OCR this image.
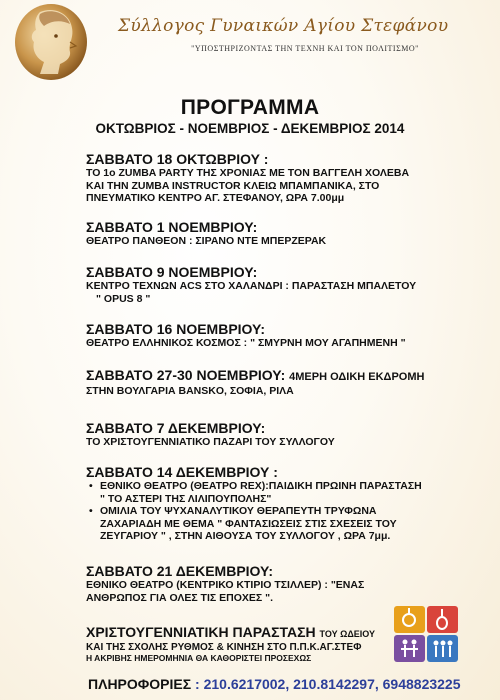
Σύλλογος Γυναικών Αγίου Στεφάνου
"ΥΠΟΣΤΗΡΙΖΟΝΤΑΣ ΤΗΝ ΤΕΧΝΗ ΚΑΙ ΤΟΝ ΠΟΛΙΤΙΣΜΟ"
ΠΡΟΓΡΑΜΜΑ
ΟΚΤΩΒΡΙΟΣ - ΝΟΕΜΒΡΙΟΣ - ΔΕΚΕΜΒΡΙΟΣ 2014
ΣΑΒΒΑΤΟ 18 ΟΚΤΩΒΡΙΟΥ :
ΤΟ 1ο ZUMBA PARTY ΤΗΣ ΧΡΟΝΙΑΣ ΜΕ ΤΟΝ ΒΑΓΓΕΛΗ ΧΟΛΕΒΑ
ΚΑΙ ΤΗΝ ZUMBA INSTRUCTOR ΚΛΕΙΩ ΜΠΑΜΠΑΝΙΚΑ, ΣΤΟ
ΠΝΕΥΜΑΤΙΚΟ ΚΕΝΤΡΟ ΑΓ. ΣΤΕΦΑΝΟΥ, ΩΡΑ 7.00μμ
ΣΑΒΒΑΤΟ 1 ΝΟΕΜΒΡΙΟΥ:
ΘΕΑΤΡΟ ΠΑΝΘΕΟΝ : ΣΙΡΑΝΟ ΝΤΕ ΜΠΕΡΖΕΡΑΚ
ΣΑΒΒΑΤΟ 9 ΝΟΕΜΒΡΙΟΥ:
ΚΕΝΤΡΟ ΤΕΧΝΩΝ ACS ΣΤΟ ΧΑΛΑΝΔΡΙ : ΠΑΡΑΣΤΑΣΗ ΜΠΑΛΕΤΟΥ
" OPUS 8 "
ΣΑΒΒΑΤΟ 16 ΝΟΕΜΒΡΙΟΥ:
ΘΕΑΤΡΟ ΕΛΛΗΝΙΚΟΣ ΚΟΣΜΟΣ : " ΣΜΥΡΝΗ ΜΟΥ ΑΓΑΠΗΜΕΝΗ "
ΣΑΒΒΑΤΟ 27-30 ΝΟΕΜΒΡΙΟΥ: 4ΜΕΡΗ ΟΔΙΚΗ ΕΚΔΡΟΜΗ
ΣΤΗΝ ΒΟΥΛΓΑΡΙΑ BANSKO, ΣΟΦΙΑ, ΡΙΛΑ
ΣΑΒΒΑΤΟ 7 ΔΕΚΕΜΒΡΙΟΥ:
ΤΟ ΧΡΙΣΤΟΥΓΕΝΝΙΑΤΙΚΟ ΠΑΖΑΡΙ ΤΟΥ ΣΥΛΛΟΓΟΥ
ΣΑΒΒΑΤΟ 14 ΔΕΚΕΜΒΡΙΟΥ :
• ΕΘΝΙΚΟ ΘΕΑΤΡΟ (ΘΕΑΤΡΟ REX):ΠΑΙΔΙΚΗ ΠΡΩΙΝΗ ΠΑΡΑΣΤΑΣΗ
" ΤΟ ΑΣΤΕΡΙ ΤΗΣ ΛΙΛΙΠΟΥΠΟΛΗΣ"
• ΟΜΙΛΙΑ ΤΟΥ ΨΥΧΑΝΑΛΥΤΙΚΟΥ ΘΕΡΑΠΕΥΤΗ ΤΡΥΦΩΝΑ
ΖΑΧΑΡΙΑΔΗ ΜΕ ΘΕΜΑ " ΦΑΝΤΑΣΙΩΣΕΙΣ ΣΤΙΣ ΣΧΕΣΕΙΣ ΤΟΥ
ΖΕΥΓΑΡΙΟΥ " , ΣΤΗΝ ΑΙΘΟΥΣΑ ΤΟΥ ΣΥΛΛΟΓΟΥ , ΩΡΑ 7μμ.
ΣΑΒΒΑΤΟ 21 ΔΕΚΕΜΒΡΙΟΥ:
ΕΘΝΙΚΟ ΘΕΑΤΡΟ (ΚΕΝΤΡΙΚΟ ΚΤΙΡΙΟ ΤΣΙΛΛΕΡ) : "ΕΝΑΣ
ΑΝΘΡΩΠΟΣ ΓΙΑ ΟΛΕΣ ΤΙΣ ΕΠΟΧΕΣ ".
ΧΡΙΣΤΟΥΓΕΝΝΙΑΤΙΚΗ ΠΑΡΑΣΤΑΣΗ ΤΟΥ ΩΔΕΙΟΥ
ΚΑΙ ΤΗΣ ΣΧΟΛΗΣ ΡΥΘΜΟΣ & ΚΙΝΗΣΗ ΣΤΟ Π.Π.Κ.ΑΓ.ΣΤΕΦ
Η ΑΚΡΙΒΗΣ ΗΜΕΡΟΜΗΝΙΑ ΘΑ ΚΑΘΟΡΙΣΤΕΙ ΠΡΟΣΕΧΩΣ
ΠΛΗΡΟΦΟΡΙΕΣ : 210.6217002, 210.8142297, 6948823225
